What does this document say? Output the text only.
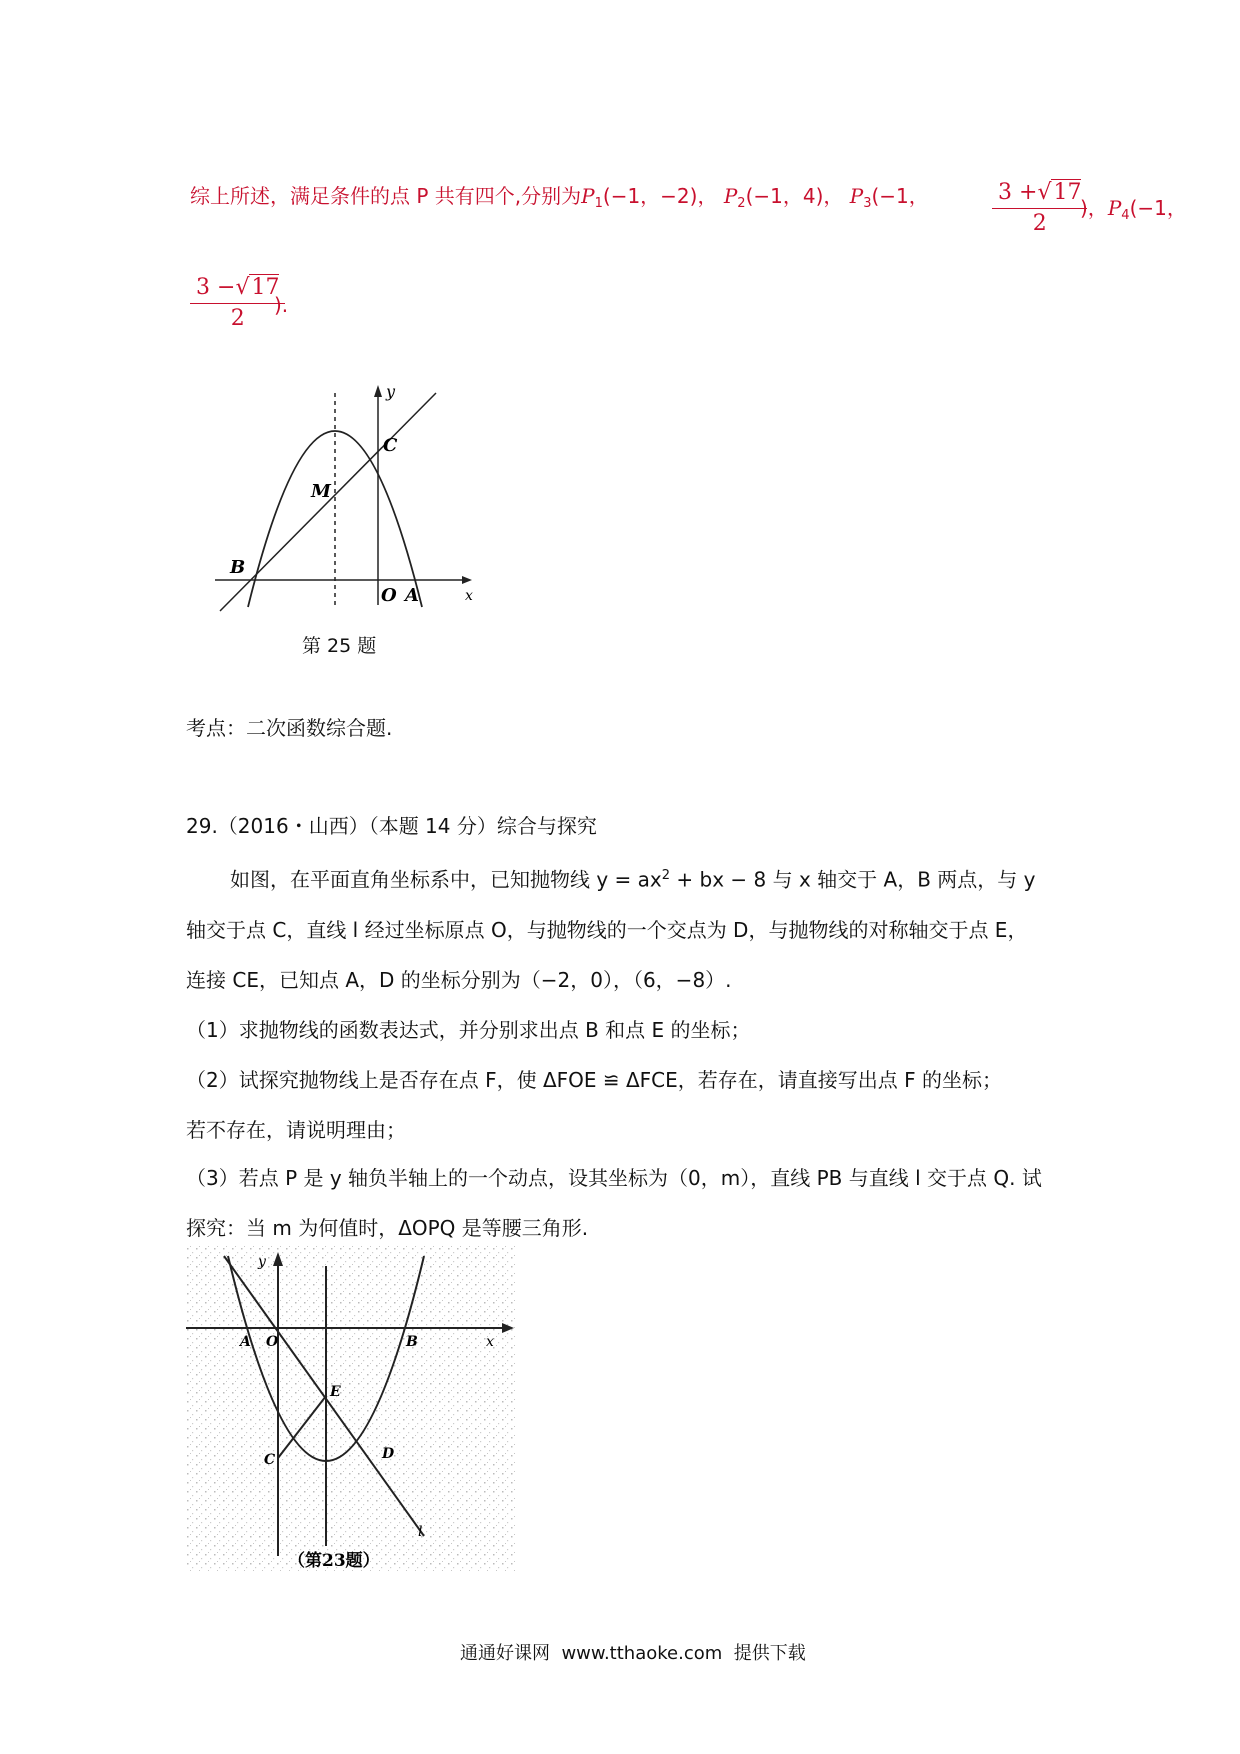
综上所述，满足条件的点 P 共有四个,分别为$P_1(-1$，−2)， $P_2(-1$，4)， $P_3(-1$，	$\frac{3 +√17}{2}$
)，$P_4(-1$，
$\frac{3 -√17}{2}$
).
y
C
M
B
O A	x
第 25 题
考点：二次函数综合题.
29.（2016・山西）（本题 14 分）综合与探究
如图，在平面直角坐标系中，已知抛物线 $y = ax^2$ + bx − 8 与 x 轴交于 A，B 两点，与 y
轴交于点 C，直线 l 经过坐标原点 O，与抛物线的一个交点为 D，与抛物线的对称轴交于点 E，
连接 CE，已知点 A，D 的坐标分别为（−2，0），（6，−8）.
（1）求抛物线的函数表达式，并分别求出点 B 和点 E 的坐标；
（2）试探究抛物线上是否存在点 F，使 ΔFOE ≌ ΔFCE，若存在，请直接写出点 F 的坐标；
若不存在，请说明理由；
（3）若点 P 是 y 轴负半轴上的一个动点，设其坐标为（0，m），直线 PB 与直线 l 交于点 Q. 试
探究：当 m 为何值时，ΔOPQ 是等腰三角形.
y
A O	B	x
E
C	D
l
（第23题）
通通好课网  www.tthaoke.com  提供下载
